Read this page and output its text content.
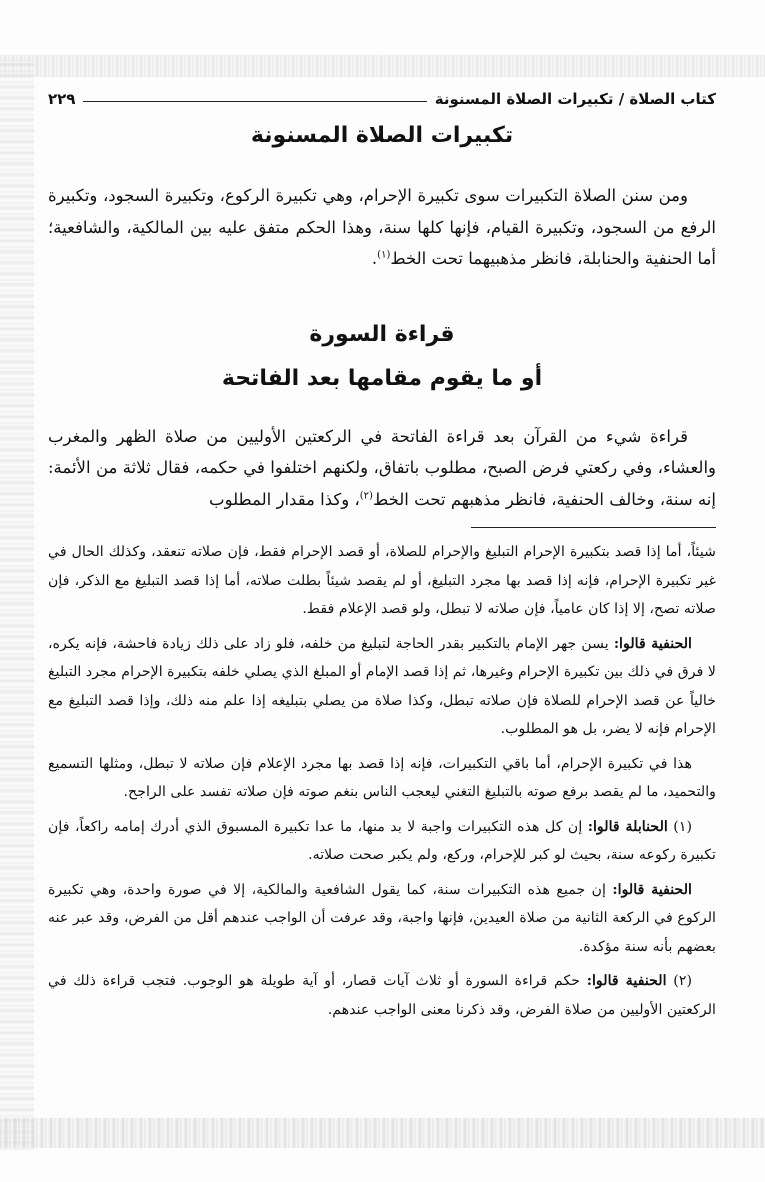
كتاب الصلاة / تكبيرات الصلاة المسنونة
٢٢٩
تكبيرات الصلاة المسنونة

ومن سنن الصلاة التكبيرات سوى تكبيرة الإحرام، وهي تكبيرة الركوع، وتكبيرة السجود، وتكبيرة الرفع من السجود، وتكبيرة القيام، فإنها كلها سنة، وهذا الحكم متفق عليه بين المالكية، والشافعية؛ أما الحنفية والحنابلة، فانظر مذهبيهما تحت الخط$^{(١)}$.

قراءة السورة
أو ما يقوم مقامها بعد الفاتحة

قراءة شيء من القرآن بعد قراءة الفاتحة في الركعتين الأوليين من صلاة الظهر والمغرب والعشاء، وفي ركعتي فرض الصبح، مطلوب باتفاق، ولكنهم اختلفوا في حكمه، فقال ثلاثة من الأئمة: إنه سنة، وخالف الحنفية، فانظر مذهبهم تحت الخط$^{(٢)}$، وكذا مقدار المطلوب

شيئاً، أما إذا قصد بتكبيرة الإحرام التبليغ والإحرام للصلاة، أو قصد الإحرام فقط، فإن صلاته تنعقد، وكذلك الحال في غير تكبيرة الإحرام، فإنه إذا قصد بها مجرد التبليغ، أو لم يقصد شيئاً بطلت صلاته، أما إذا قصد التبليغ مع الذكر، فإن صلاته تصح، إلا إذا كان عامياً، فإن صلاته لا تبطل، ولو قصد الإعلام فقط.

الحنفية قالوا: يسن جهر الإمام بالتكبير بقدر الحاجة لتبليغ من خلفه، فلو زاد على ذلك زيادة فاحشة، فإنه يكره، لا فرق في ذلك بين تكبيرة الإحرام وغيرها، ثم إذا قصد الإمام أو المبلغ الذي يصلي خلفه بتكبيرة الإحرام مجرد التبليغ خالياً عن قصد الإحرام للصلاة فإن صلاته تبطل، وكذا صلاة من يصلي بتبليغه إذا علم منه ذلك، وإذا قصد التبليغ مع الإحرام فإنه لا يضر، بل هو المطلوب.

هذا في تكبيرة الإحرام، أما باقي التكبيرات، فإنه إذا قصد بها مجرد الإعلام فإن صلاته لا تبطل، ومثلها التسميع والتحميد، ما لم يقصد برفع صوته بالتبليغ التغني ليعجب الناس بنغم صوته فإن صلاته تفسد على الراجح.

(١) الحنابلة قالوا: إن كل هذه التكبيرات واجبة لا بد منها، ما عدا تكبيرة المسبوق الذي أدرك إمامه راكعاً، فإن تكبيرة ركوعه سنة، بحيث لو كبر للإحرام، وركع، ولم يكبر صحت صلاته.

الحنفية قالوا: إن جميع هذه التكبيرات سنة، كما يقول الشافعية والمالكية، إلا في صورة واحدة، وهي تكبيرة الركوع في الركعة الثانية من صلاة العيدين، فإنها واجبة، وقد عرفت أن الواجب عندهم أقل من الفرض، وقد عبر عنه بعضهم بأنه سنة مؤكدة.

(٢) الحنفية قالوا: حكم قراءة السورة أو ثلاث آيات قصار، أو آية طويلة هو الوجوب. فتجب قراءة ذلك في الركعتين الأوليين من صلاة الفرض، وقد ذكرنا معنى الواجب عندهم.
